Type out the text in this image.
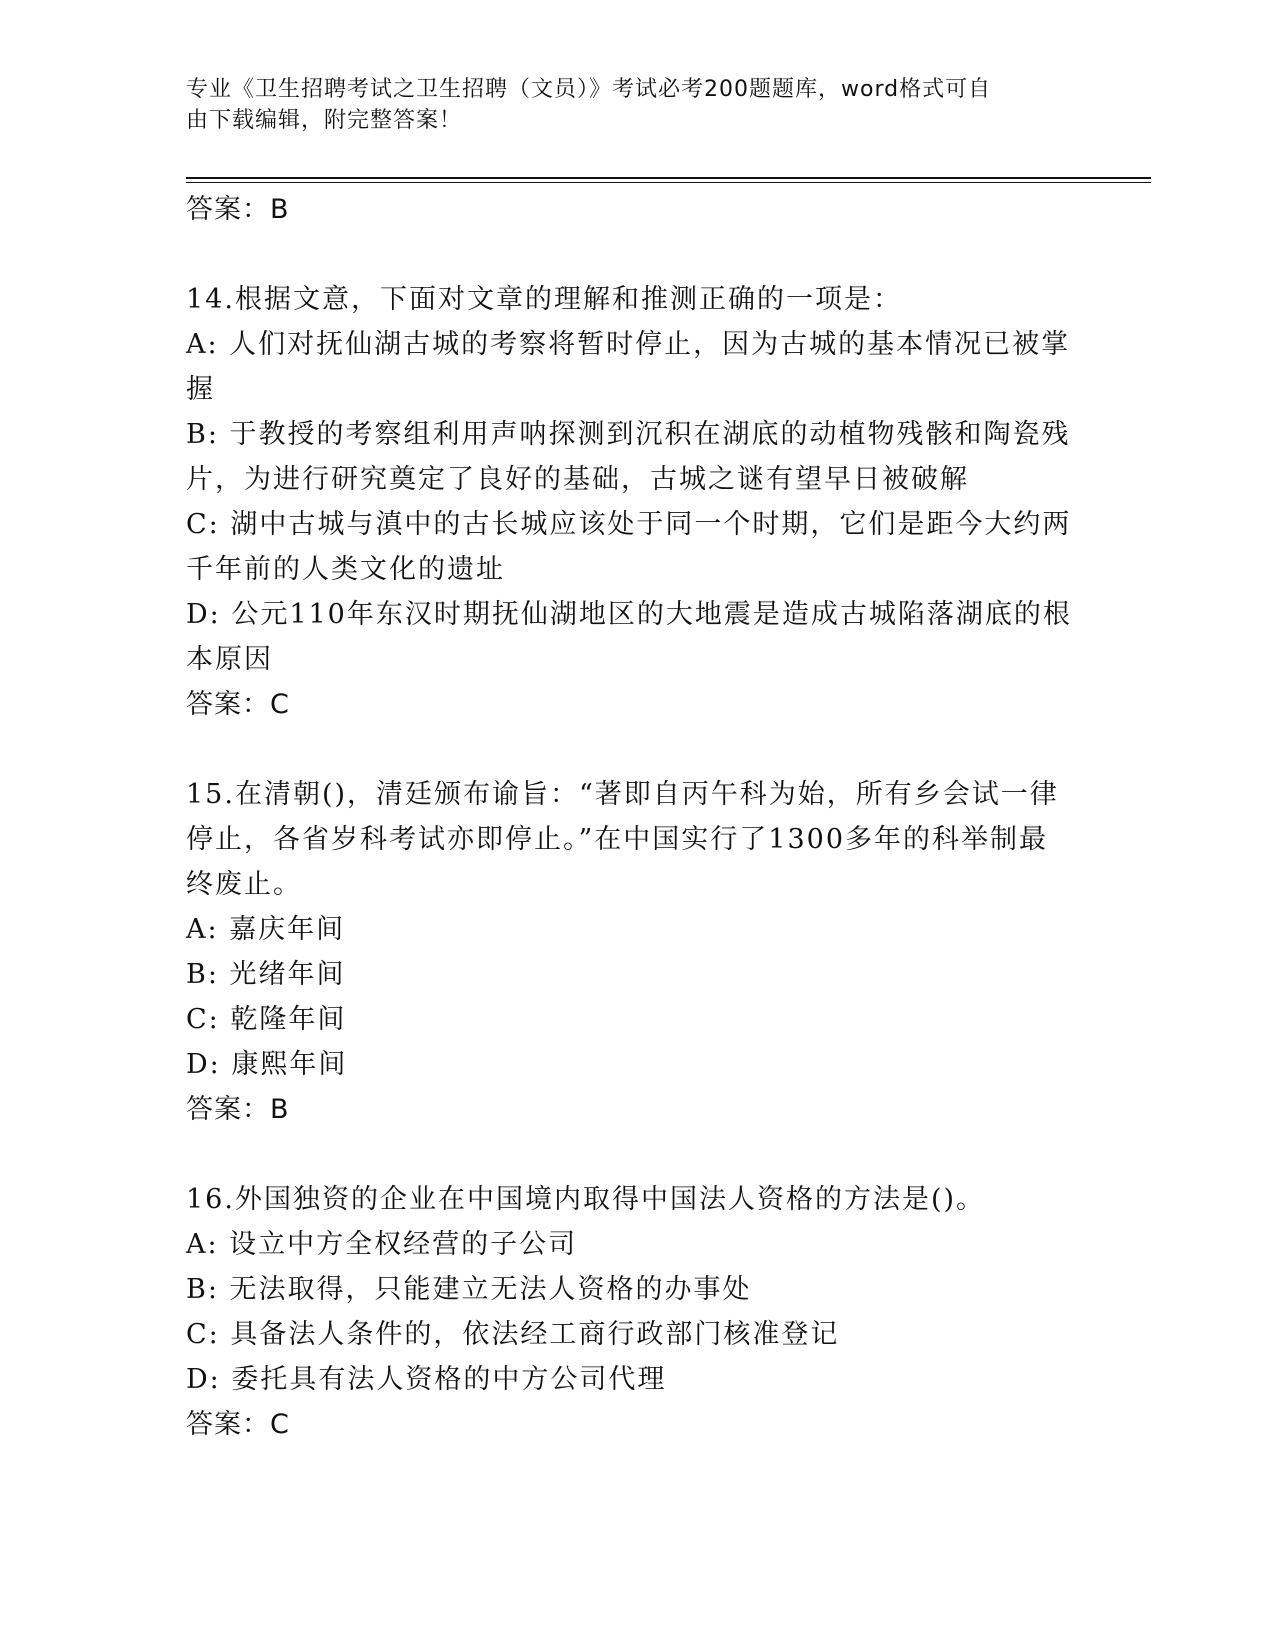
专业《卫生招聘考试之卫生招聘（文员）》考试必考200题题库，word格式可自
由下载编辑，附完整答案！
答案：B
14.根据文意，下面对文章的理解和推测正确的一项是：
A: 人们对抚仙湖古城的考察将暂时停止，因为古城的基本情况已被掌
握
B: 于教授的考察组利用声呐探测到沉积在湖底的动植物残骸和陶瓷残
片，为进行研究奠定了良好的基础，古城之谜有望早日被破解
C: 湖中古城与滇中的古长城应该处于同一个时期，它们是距今大约两
千年前的人类文化的遗址
D: 公元110年东汉时期抚仙湖地区的大地震是造成古城陷落湖底的根
本原因
答案：C
15.在清朝()，清廷颁布谕旨：“著即自丙午科为始，所有乡会试一律
停止，各省岁科考试亦即停止。”在中国实行了1300多年的科举制最
终废止。
A: 嘉庆年间
B: 光绪年间
C: 乾隆年间
D: 康熙年间
答案：B
16.外国独资的企业在中国境内取得中国法人资格的方法是()。
A: 设立中方全权经营的子公司
B: 无法取得，只能建立无法人资格的办事处
C: 具备法人条件的，依法经工商行政部门核准登记
D: 委托具有法人资格的中方公司代理
答案：C
